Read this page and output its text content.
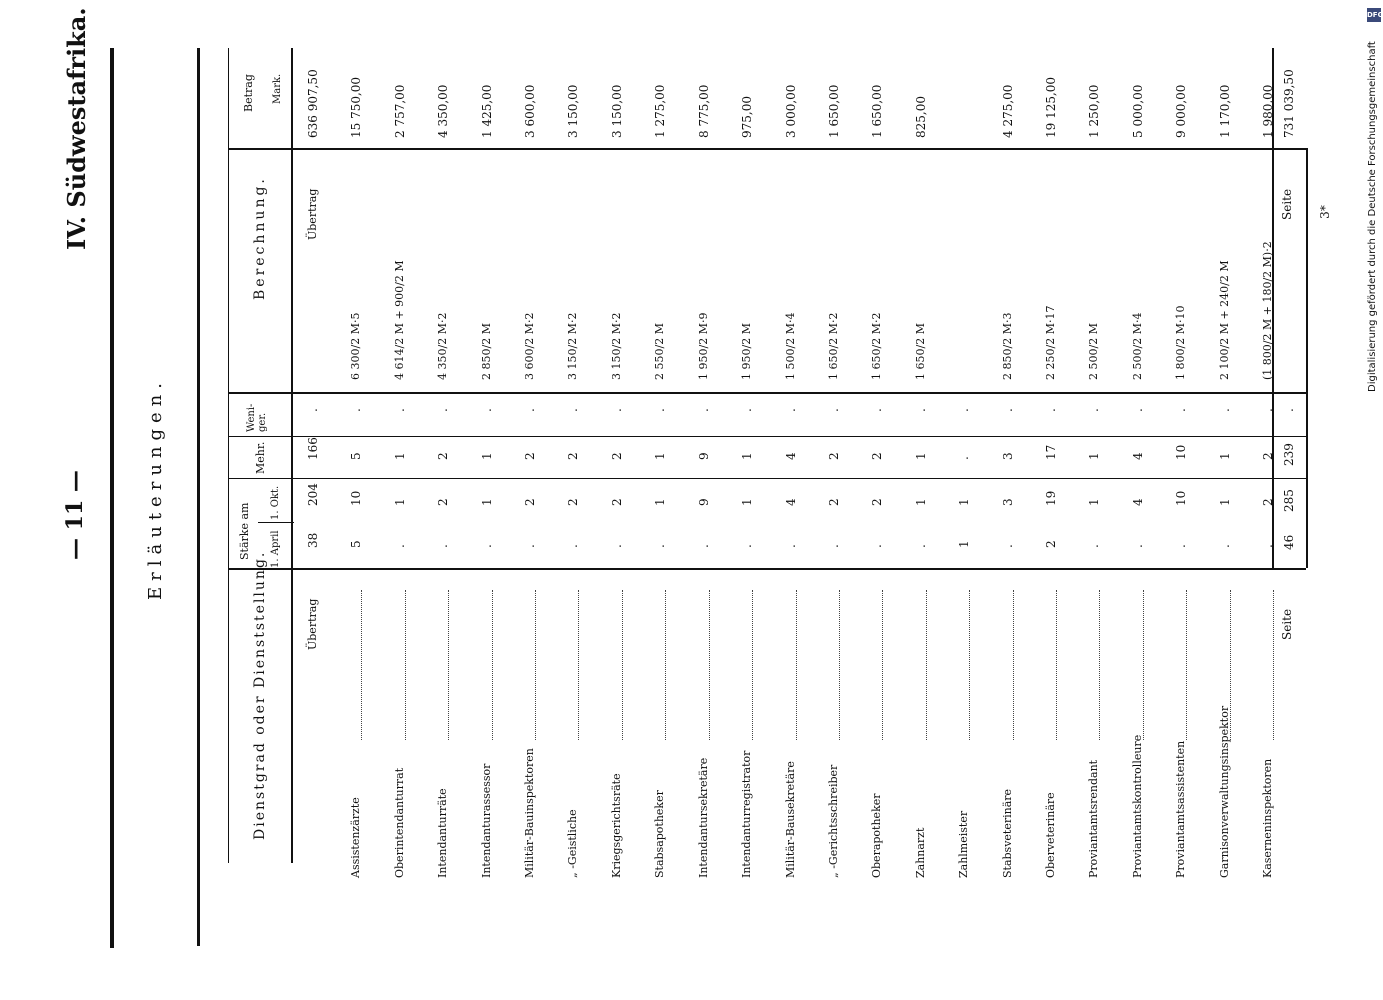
— 11 —
IV. Südwestafrika.
Erläuterungen.
3*
Dienstgrad oder Dienststellung.
Stärke am 1. April
1. Okt.
Mehr.
Weni-ger.
Berechnung.
Betrag Mark.
Übertrag
38
204
166
.
Übertrag
636 907,50
Assistenzärzte
5
10
5
.
6 300/2 M·5
15 750,00
Oberintendanturrat
.
1
1
.
4 614/2 M + 900/2 M
2 757,00
Intendanturräte
.
2
2
.
4 350/2 M·2
4 350,00
Intendanturassessor
.
1
1
.
2 850/2 M
1 425,00
Militär-Bauinspektoren
.
2
2
.
3 600/2 M·2
3 600,00
„ -Geistliche
.
2
2
.
3 150/2 M·2
3 150,00
Kriegsgerichtsräte
.
2
2
.
3 150/2 M·2
3 150,00
Stabsapotheker
.
1
1
.
2 550/2 M
1 275,00
Intendantursekretäre
.
9
9
.
1 950/2 M·9
8 775,00
Intendanturregistrator
.
1
1
.
1 950/2 M
975,00
Militär-Bausekretäre
.
4
4
.
1 500/2 M·4
3 000,00
„ -Gerichtsschreiber
.
2
2
.
1 650/2 M·2
1 650,00
Oberapotheker
.
2
2
.
1 650/2 M·2
1 650,00
Zahnarzt
.
1
1
.
1 650/2 M
825,00
Zahlmeister
1
1
.
.
Stabsveterinäre
.
3
3
.
2 850/2 M·3
4 275,00
Oberveterinäre
2
19
17
.
2 250/2 M·17
19 125,00
Proviantamtsrendant
.
1
1
.
2 500/2 M
1 250,00
Proviantamtskontrolleure
.
4
4
.
2 500/2 M·4
5 000,00
Proviantamtsassistenten
.
10
10
.
1 800/2 M·10
9 000,00
Garnisonverwaltungsinspektor
.
1
1
.
2 100/2 M + 240/2 M
1 170,00
Kaserneninspektoren
.
2
2
.
(1 800/2 M + 180/2 M)·2
1 980,00
Seite
46
285
239
.
Seite
731 039,50	Digitalisierung gefördert durch die Deutsche Forschungsgemeinschaft
DFG
